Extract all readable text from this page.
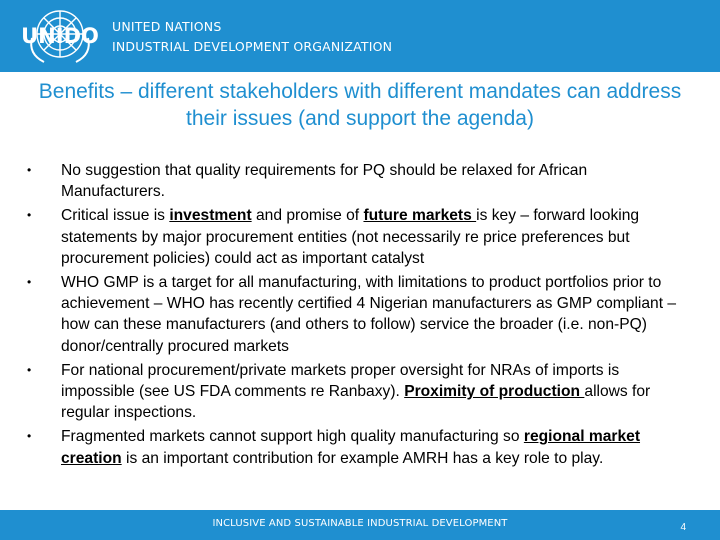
UNIDO UNITED NATIONS
INDUSTRIAL DEVELOPMENT ORGANIZATION
Benefits – different stakeholders with different mandates can address their issues (and support the agenda)
• No suggestion that quality requirements for PQ should be relaxed for African Manufacturers.
• Critical issue is investment and promise of future markets is key – forward looking statements by major procurement entities (not necessarily re price preferences but procurement policies) could act as important catalyst
• WHO GMP is a target for all manufacturing, with limitations to product portfolios prior to achievement – WHO has recently certified 4 Nigerian manufacturers as GMP compliant – how can these manufacturers (and others to follow) service the broader (i.e. non-PQ) donor/centrally procured markets
• For national procurement/private markets proper oversight for NRAs of imports is impossible (see US FDA comments re Ranbaxy). Proximity of production allows for regular inspections.
• Fragmented markets cannot support high quality manufacturing so regional market creation is an important contribution for example AMRH has a key role to play.
INCLUSIVE AND SUSTAINABLE INDUSTRIAL DEVELOPMENT	4
